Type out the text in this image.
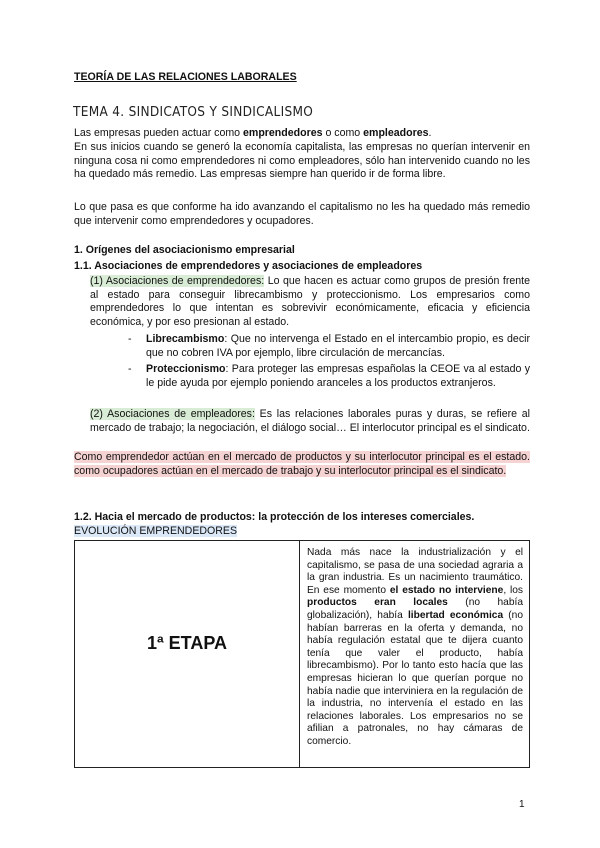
TEORÍA DE LAS RELACIONES LABORALES
TEMA 4. SINDICATOS Y SINDICALISMO
Las empresas pueden actuar como emprendedores o como empleadores.
En sus inicios cuando se generó la economía capitalista, las empresas no querían intervenir en ninguna cosa ni como emprendedores ni como empleadores, sólo han intervenido cuando no les ha quedado más remedio. Las empresas siempre han querido ir de forma libre.
Lo que pasa es que conforme ha ido avanzando el capitalismo no les ha quedado más remedio que intervenir como emprendedores y ocupadores.
1. Orígenes del asociacionismo empresarial
1.1. Asociaciones de emprendedores y asociaciones de empleadores
(1) Asociaciones de emprendedores: Lo que hacen es actuar como grupos de presión frente al estado para conseguir librecambismo y proteccionismo. Los empresarios como emprendedores lo que intentan es sobrevivir económicamente, eficacia y eficiencia económica, y por eso presionan al estado.
- Librecambismo: Que no intervenga el Estado en el intercambio propio, es decir que no cobren IVA por ejemplo, libre circulación de mercancías.
- Proteccionismo: Para proteger las empresas españolas la CEOE va al estado y le pide ayuda por ejemplo poniendo aranceles a los productos extranjeros.
(2) Asociaciones de empleadores: Es las relaciones laborales puras y duras, se refiere al mercado de trabajo; la negociación, el diálogo social… El interlocutor principal es el sindicato.
Como emprendedor actúan en el mercado de productos y su interlocutor principal es el estado. como ocupadores actúan en el mercado de trabajo y su interlocutor principal es el sindicato.
1.2. Hacia el mercado de productos: la protección de los intereses comerciales.
EVOLUCIÓN EMPRENDEDORES
1ª ETAPA
	Nada más nace la industrialización y el capitalismo, se pasa de una sociedad agraria a la gran industria. Es un nacimiento traumático. En ese momento el estado no interviene, los productos eran locales (no había globalización), había libertad económica (no habían barreras en la oferta y demanda, no había regulación estatal que te dijera cuanto tenía que valer el producto, había librecambismo). Por lo tanto esto hacía que las empresas hicieran lo que querían porque no había nadie que interviniera en la regulación de la industria, no intervenía el estado en las relaciones laborales. Los empresarios no se afilian a patronales, no hay cámaras de comercio.
1
